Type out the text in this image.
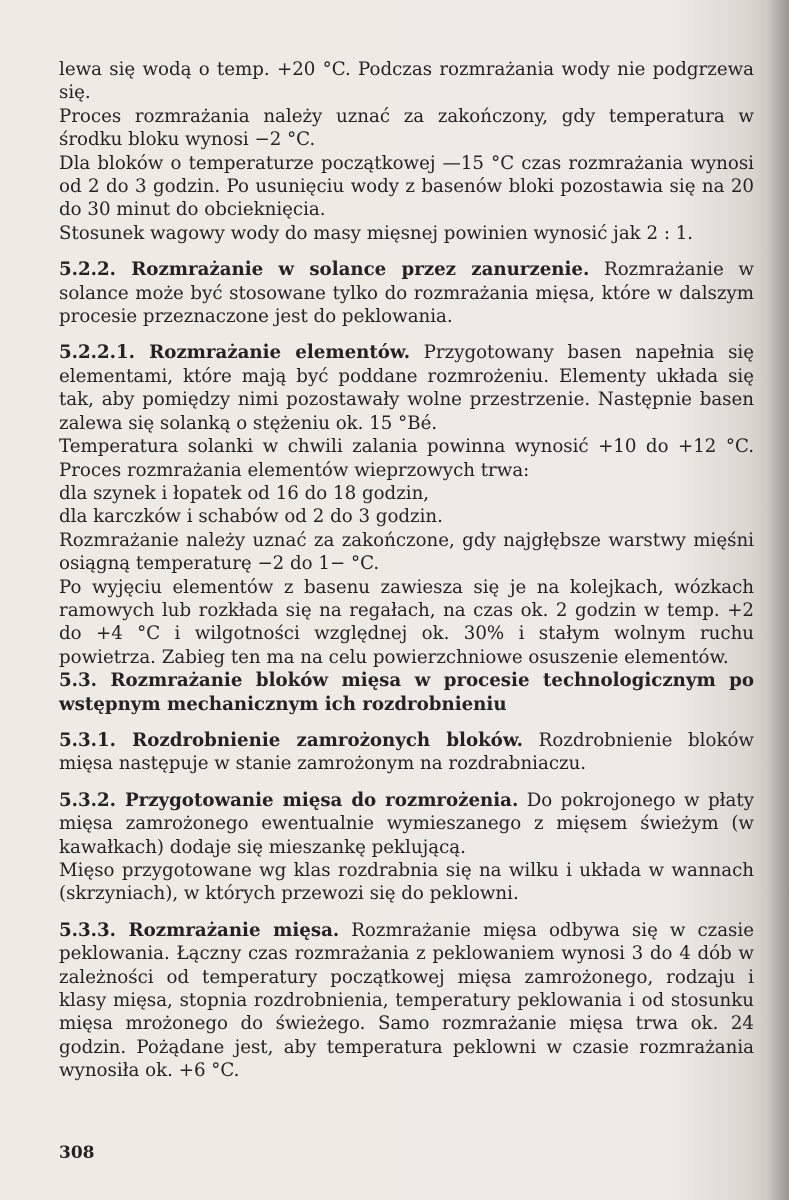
lewa się wodą o temp. +20 °C. Podczas rozmrażania wody nie podgrzewa się.

Proces rozmrażania należy uznać za zakończony, gdy temperatura w środku bloku wynosi −2 °C.

Dla bloków o temperaturze początkowej —15 °C czas rozmrażania wynosi od 2 do 3 godzin. Po usunięciu wody z basenów bloki pozostawia się na 20 do 30 minut do obcieknięcia.

Stosunek wagowy wody do masy mięsnej powinien wynosić jak 2 : 1.

5.2.2. Rozmrażanie w solance przez zanurzenie. Rozmrażanie w solance może być stosowane tylko do rozmrażania mięsa, które w dalszym procesie przeznaczone jest do peklowania.

5.2.2.1. Rozmrażanie elementów. Przygotowany basen napełnia się elementami, które mają być poddane rozmrożeniu. Elementy układa się tak, aby pomiędzy nimi pozostawały wolne przestrzenie. Następnie basen zalewa się solanką o stężeniu ok. 15 °Bé.

Temperatura solanki w chwili zalania powinna wynosić +10 do +12 °C. Proces rozmrażania elementów wieprzowych trwa:

dla szynek i łopatek od 16 do 18 godzin,

dla karczków i schabów od 2 do 3 godzin.

Rozmrażanie należy uznać za zakończone, gdy najgłębsze warstwy mięśni osiągną temperaturę −2 do 1− °C.

Po wyjęciu elementów z basenu zawiesza się je na kolejkach, wózkach ramowych lub rozkłada się na regałach, na czas ok. 2 godzin w temp. +2 do +4 °C i wilgotności względnej ok. 30% i stałym wolnym ruchu powietrza. Zabieg ten ma na celu powierzchniowe osuszenie elementów.

5.3. Rozmrażanie bloków mięsa w procesie technologicznym po wstępnym mechanicznym ich rozdrobnieniu

5.3.1. Rozdrobnienie zamrożonych bloków. Rozdrobnienie bloków mięsa następuje w stanie zamrożonym na rozdrabniaczu.

5.3.2. Przygotowanie mięsa do rozmrożenia. Do pokrojonego w płaty mięsa zamrożonego ewentualnie wymieszanego z mięsem świeżym (w kawałkach) dodaje się mieszankę peklującą.

Mięso przygotowane wg klas rozdrabnia się na wilku i układa w wannach (skrzyniach), w których przewozi się do peklowni.

5.3.3. Rozmrażanie mięsa. Rozmrażanie mięsa odbywa się w czasie peklowania. Łączny czas rozmrażania z peklowaniem wynosi 3 do 4 dób w zależności od temperatury początkowej mięsa zamrożonego, rodzaju i klasy mięsa, stopnia rozdrobnienia, temperatury peklowania i od stosunku mięsa mrożonego do świeżego. Samo rozmrażanie mięsa trwa ok. 24 godzin. Pożądane jest, aby temperatura peklowni w czasie rozmrażania wynosiła ok. +6 °C.

308
